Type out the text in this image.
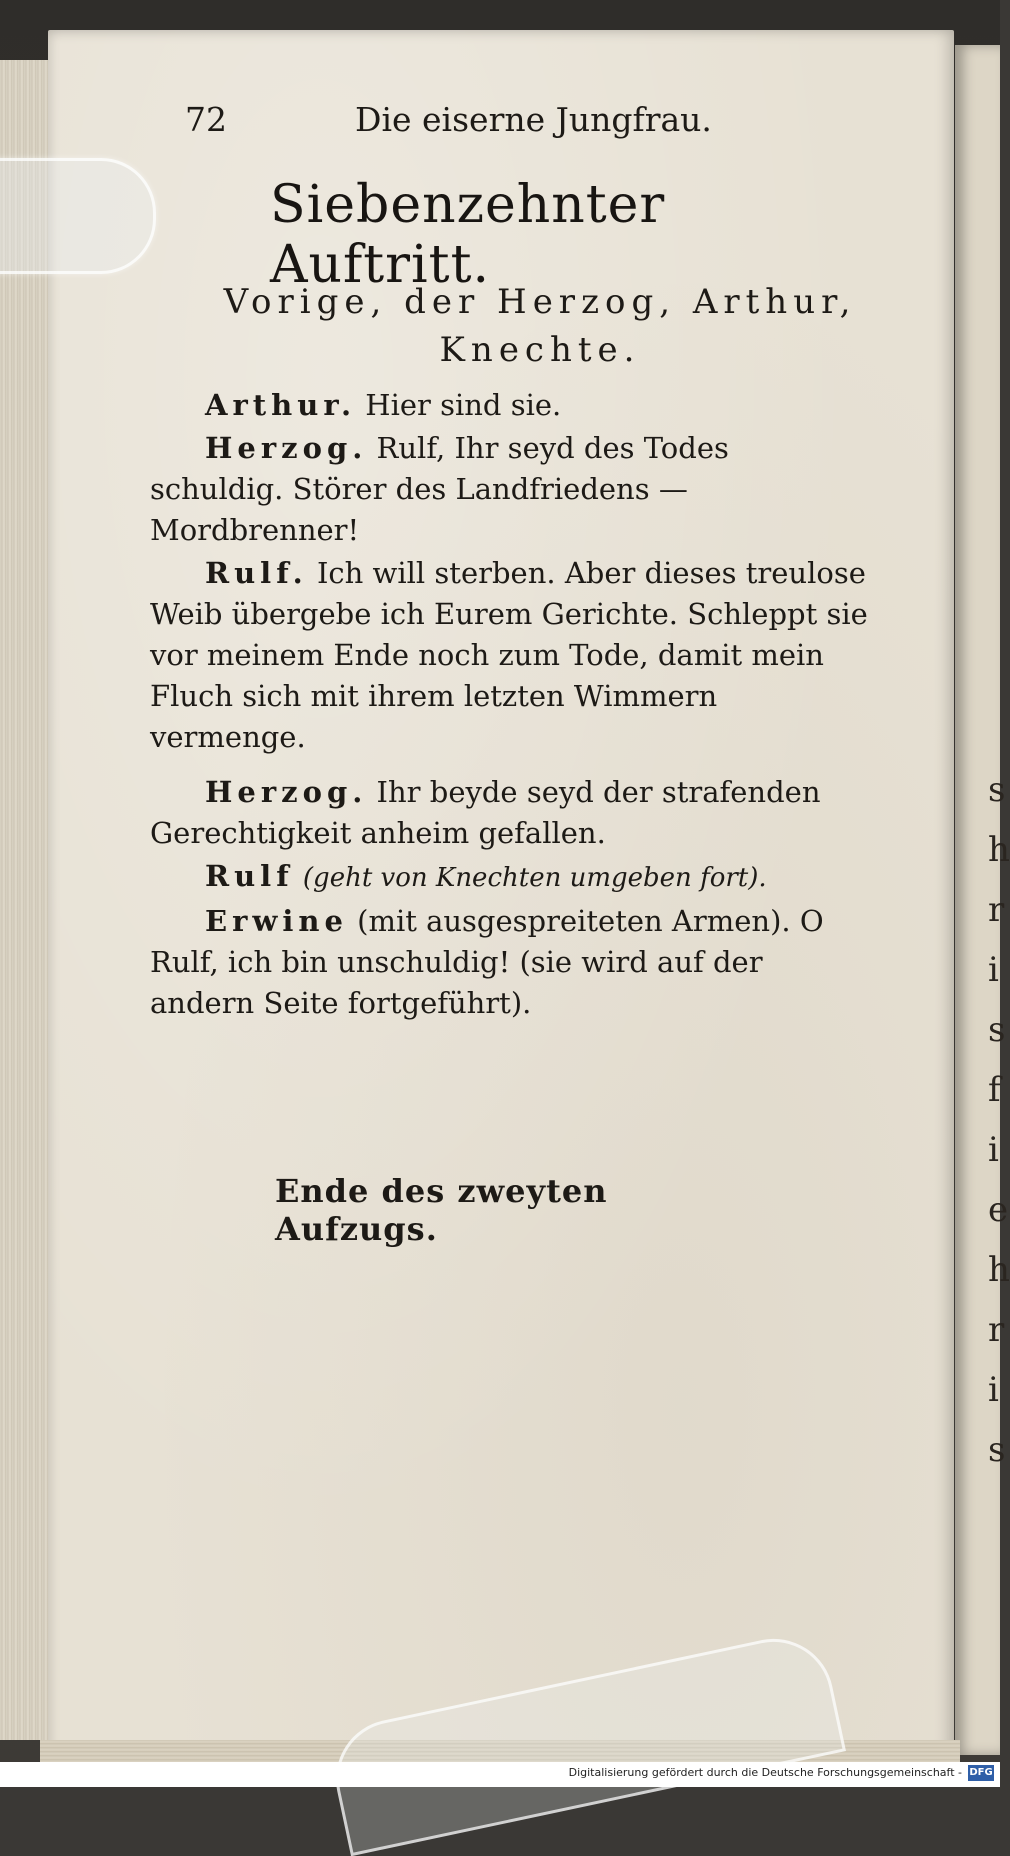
72	Die eiserne Jungfrau.
Siebenzehnter Auftritt.
Vorige, der Herzog, Arthur,
Knechte.

Arthur. Hier sind sie.

Herzog. Rulf, Ihr seyd des Todes schuldig. Störer des Landfriedens — Mordbrenner!

Rulf. Ich will sterben. Aber dieses treulose Weib übergebe ich Eurem Gerichte. Schleppt sie vor meinem Ende noch zum Tode, damit mein Fluch sich mit ihrem letzten Wimmern vermenge.

Herzog. Ihr beyde seyd der strafenden Gerechtigkeit anheim gefallen.

Rulf (geht von Knechten umgeben fort).

Erwine (mit ausgespreiteten Armen). O Rulf, ich bin unschuldig! (sie wird auf der andern Seite fortgeführt).

Ende des zweyten Aufzugs.
s
h
r
i
s
f
i
e
h
r
i
s
Digitalisierung gefördert durch die Deutsche Forschungsgemeinschaft - DFG
